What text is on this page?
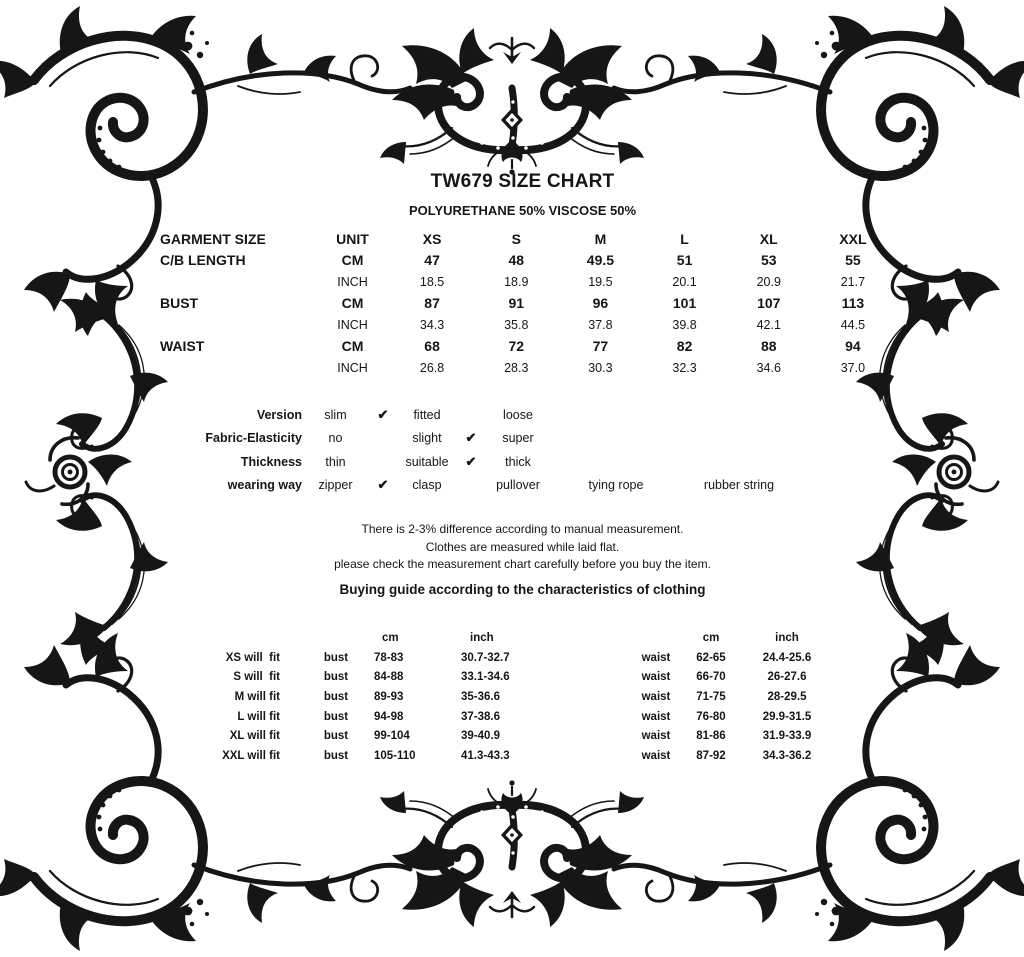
TW679 SIZE CHART
POLYURETHANE 50% VISCOSE 50%
GARMENT SIZE	UNIT	XS	S	M	L	XL	XXL
C/B LENGTH	CM	47	48	49.5	51	53	55
INCH	18.5	18.9	19.5	20.1	20.9	21.7
BUST	CM	87	91	96	101	107	113
INCH	34.3	35.8	37.8	39.8	42.1	44.5
WAIST	CM	68	72	77	82	88	94
INCH	26.8	28.3	30.3	32.3	34.6	37.0
Version	slim	✔	fitted	loose
Fabric-Elasticity	no	slight	✔	super
Thickness	thin	suitable	✔	thick
wearing way	zipper	✔	clasp	pullover	tying rope	rubber string
There is 2-3% difference according to manual measurement.
Clothes are measured while laid flat.
please check the measurement chart carefully before you buy the item.
Buying guide according to the characteristics of clothing
cm	inch	cm	inch
XS will  fit	bust	78-83	30.7-32.7	waist	62-65	24.4-25.6
S will  fit	bust	84-88	33.1-34.6	waist	66-70	26-27.6
M will fit	bust	89-93	35-36.6	waist	71-75	28-29.5
L will fit	bust	94-98	37-38.6	waist	76-80	29.9-31.5
XL will fit	bust	99-104	39-40.9	waist	81-86	31.9-33.9
XXL will fit	bust	105-110	41.3-43.3	waist	87-92	34.3-36.2
